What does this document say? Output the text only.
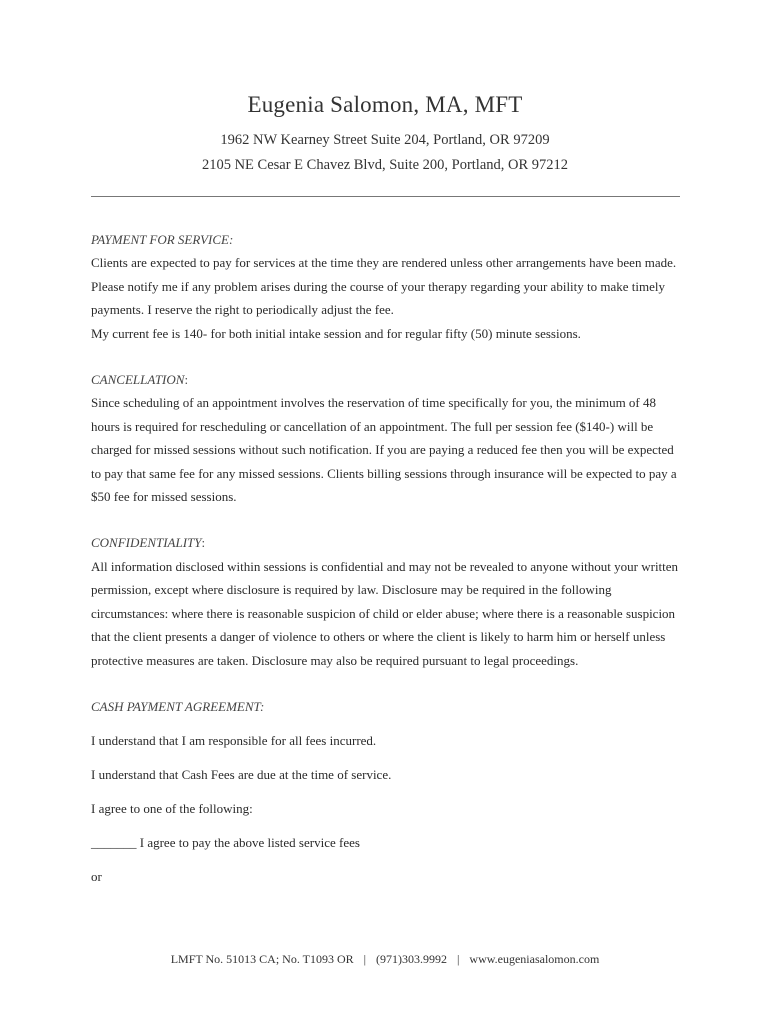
Eugenia Salomon, MA, MFT
1962 NW Kearney Street Suite 204, Portland, OR 97209
2105 NE Cesar E Chavez Blvd, Suite 200, Portland, OR 97212

PAYMENT FOR SERVICE:

Clients are expected to pay for services at the time they are rendered unless other arrangements have been made. Please notify me if any problem arises during the course of your therapy regarding your ability to make timely payments. I reserve the right to periodically adjust the fee.

My current fee is 140- for both initial intake session and for regular fifty (50) minute sessions.

CANCELLATION:

Since scheduling of an appointment involves the reservation of time specifically for you, the minimum of 48 hours is required for rescheduling or cancellation of an appointment. The full per session fee ($140-) will be charged for missed sessions without such notification. If you are paying a reduced fee then you will be expected to pay that same fee for any missed sessions. Clients billing sessions through insurance will be expected to pay a $50 fee for missed sessions.

CONFIDENTIALITY:

All information disclosed within sessions is confidential and may not be revealed to anyone without your written permission, except where disclosure is required by law. Disclosure may be required in the following circumstances: where there is reasonable suspicion of child or elder abuse; where there is a reasonable suspicion that the client presents a danger of violence to others or where the client is likely to harm him or herself unless protective measures are taken. Disclosure may also be required pursuant to legal proceedings.

CASH PAYMENT AGREEMENT:

I understand that I am responsible for all fees incurred.

I understand that Cash Fees are due at the time of service.

I agree to one of the following:

_______ I agree to pay the above listed service fees

or

LMFT No. 51013 CA; No. T1093 OR | (971)303.9992 | www.eugeniasalomon.com
